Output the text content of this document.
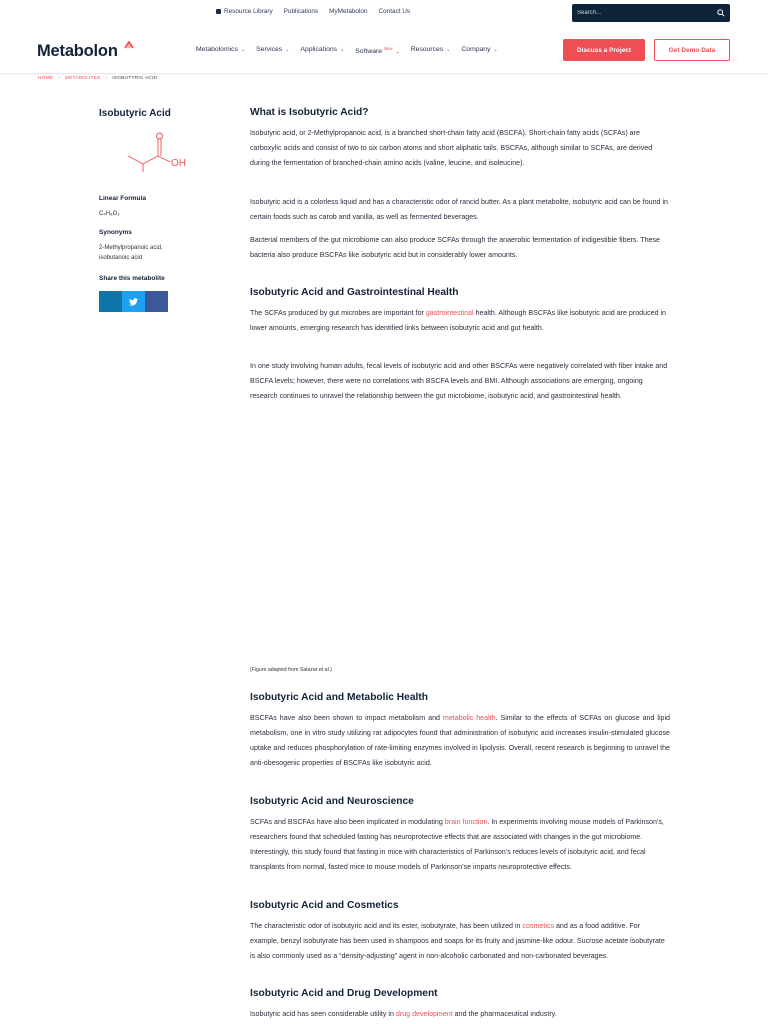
Resource Library Publications MyMetabolon Contact Us
Search...
Metabolon	Metabolomics ⌄ Services ⌄ Applications ⌄ Software $^{New}$⌄ Resources ⌄ Company ⌄	Discuss a Project	Get Demo Data
HOME › METABOLITES › ISOBUTYRIC ACID
Isobutyric Acid
OH
Linear Formula
C₄H₈O₂
Synonyms
2-Methylpropanoic acid,
isobutanoic acid
Share this metabolite
What is Isobutyric Acid?
Isobutyric acid, or 2-Methylpropanoic acid, is a branched short-chain fatty acid (BSCFA). Short-chain fatty acids (SCFAs) are carboxylic acids and consist of two to six carbon atoms and short aliphatic tails. BSCFAs, although similar to SCFAs, are derived during the fermentation of branched-chain amino acids (valine, leucine, and isoleucine).
Isobutyric acid is a colorless liquid and has a characteristic odor of rancid butter. As a plant metabolite, isobutyric acid can be found in certain foods such as carob and vanilla, as well as fermented beverages.
Bacterial members of the gut microbiome can also produce SCFAs through the anaerobic fermentation of indigestible fibers. These bacteria also produce BSCFAs like isobutyric acid but in considerably lower amounts.
Isobutyric Acid and Gastrointestinal Health
The SCFAs produced by gut microbes are important for gastrointestinal health. Although BSCFAs like isobutyric acid are produced in lower amounts, emerging research has identified links between isobutyric acid and gut health.
In one study involving human adults, fecal levels of isobutyric acid and other BSCFAs were negatively correlated with fiber intake and BSCFA levels; however, there were no correlations with BSCFA levels and BMI. Although associations are emerging, ongoing research continues to unravel the relationship between the gut microbiome, isobutyric acid, and gastrointestinal health.
(Figure adapted from Salazar et al.)
Isobutyric Acid and Metabolic Health
BSCFAs have also been shown to impact metabolism and metabolic health. Similar to the effects of SCFAs on glucose and lipid metabolism, one in vitro study utilizing rat adipocytes found that administration of isobutyric acid increases insulin-stimulated glucose uptake and reduces phosphorylation of rate-limiting enzymes involved in lipolysis. Overall, recent research is beginning to unravel the anti-obesogenic properties of BSCFAs like isobutyric acid.
Isobutyric Acid and Neuroscience
SCFAs and BSCFAs have also been implicated in modulating brain function. In experiments involving mouse models of Parkinson’s, researchers found that scheduled fasting has neuroprotective effects that are associated with changes in the gut microbiome. Interestingly, this study found that fasting in mice with characteristics of Parkinson’s reduces levels of isobutyric acid, and fecal transplants from normal, fasted mice to mouse models of Parkinson’se imparts neuroprotective effects.
Isobutyric Acid and Cosmetics
The characteristic odor of isobutyric acid and its ester, isobutyrate, has been utilized in cosmetics and as a food additive. For example, benzyl isobutyrate has been used in shampoos and soaps for its fruity and jasmine-like odour. Sucrose acetate isobutyrate is also commonly used as a “density-adjusting” agent in non-alcoholic carbonated and non-carbonated beverages.
Isobutyric Acid and Drug Development
Isobutyric acid has seen considerable utility in drug development and the pharmaceutical industry.
